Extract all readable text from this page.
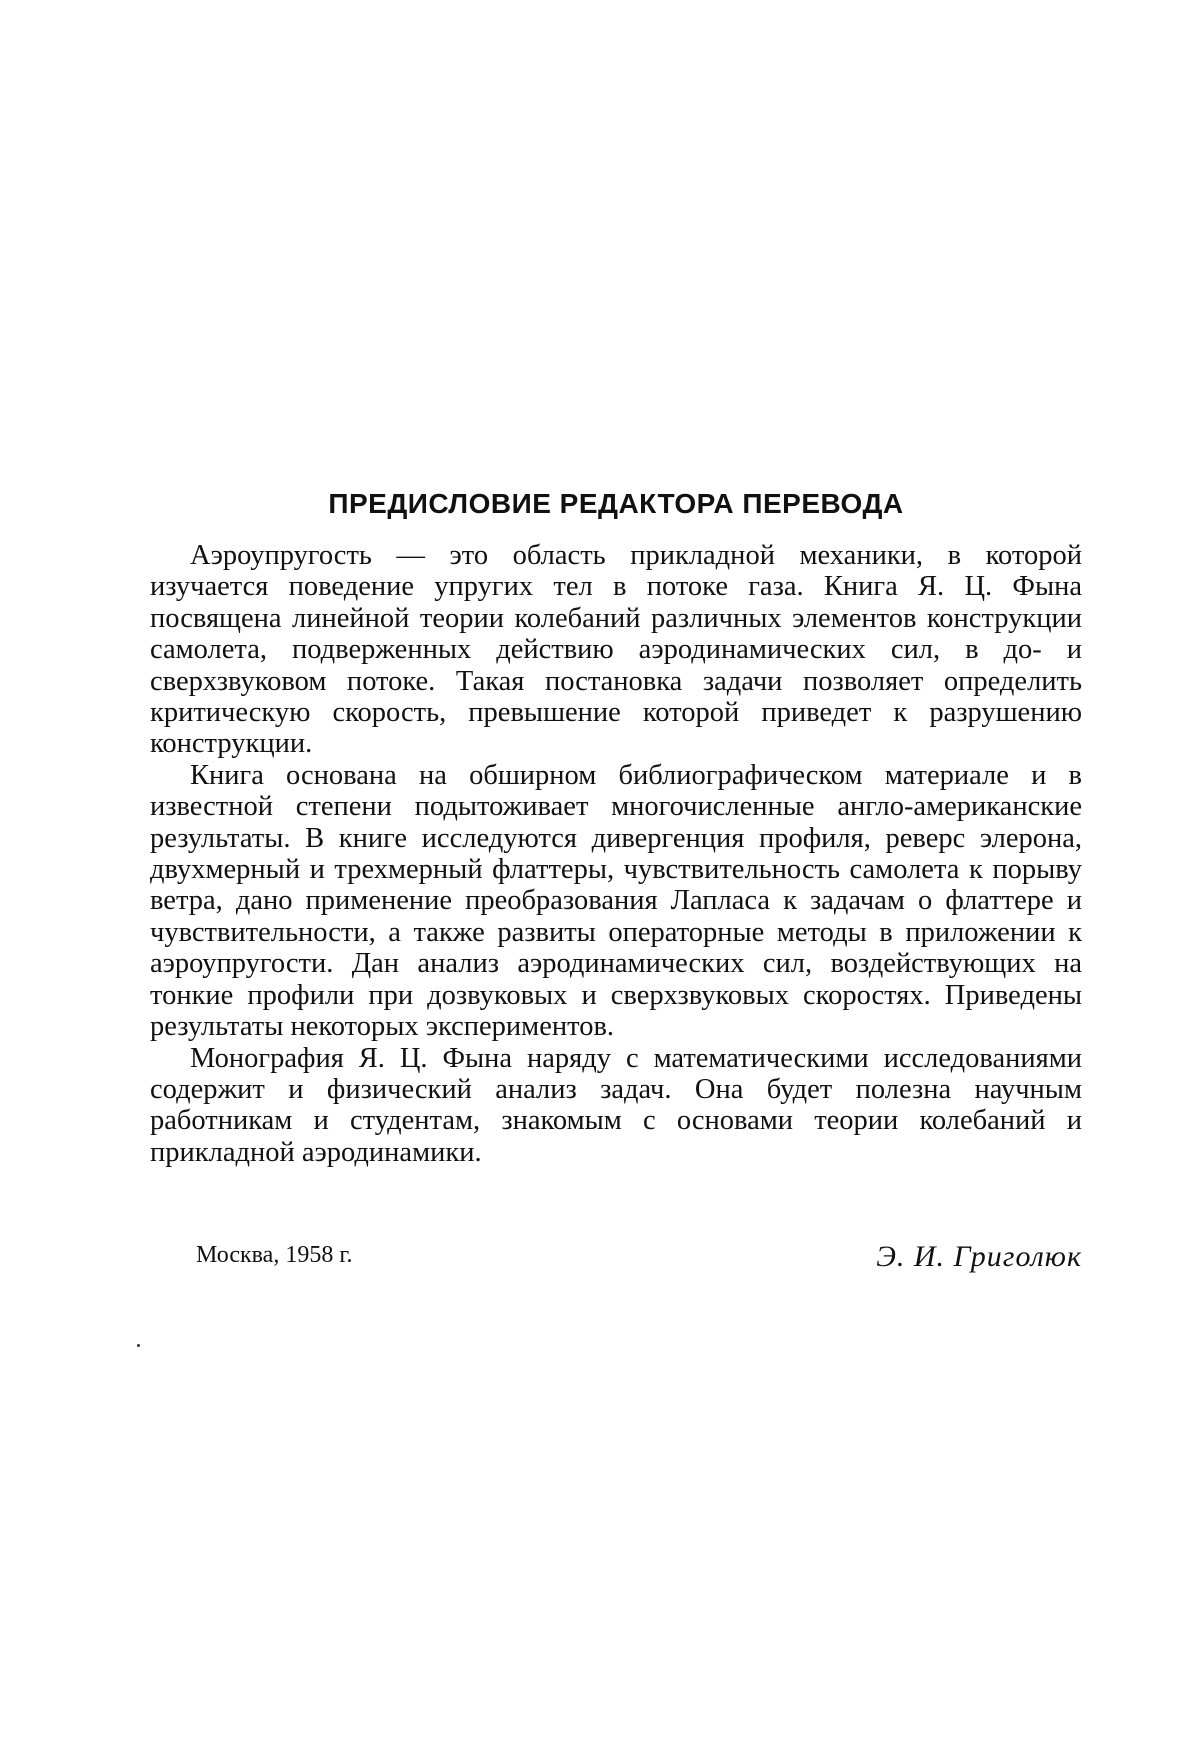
ПРЕДИСЛОВИЕ РЕДАКТОРА ПЕРЕВОДА

Аэроупругость — это область прикладной механики, в которой изучается поведение упругих тел в потоке газа. Книга Я. Ц. Фына посвящена линейной теории колебаний различных элементов конструкции самолета, подверженных действию аэродинамических сил, в до- и сверхзвуковом потоке. Такая постановка задачи позволяет определить критическую скорость, превышение которой приведет к разрушению конструкции.

Книга основана на обширном библиографическом материале и в известной степени подытоживает многочисленные англо-американские результаты. В книге исследуются дивергенция профиля, реверс элерона, двухмерный и трехмерный флаттеры, чувствительность самолета к порыву ветра, дано применение преобразования Лапласа к задачам о флаттере и чувствительности, а также развиты операторные методы в приложении к аэроупругости. Дан анализ аэродинамических сил, воздействующих на тонкие профили при дозвуковых и сверхзвуковых скоростях. Приведены результаты некоторых экспериментов.

Монография Я. Ц. Фына наряду с математическими исследованиями содержит и физический анализ задач. Она будет полезна научным работникам и студентам, знакомым с основами теории колебаний и прикладной аэродинамики.

Москва, 1958 г.	Э. И. Григолюк
